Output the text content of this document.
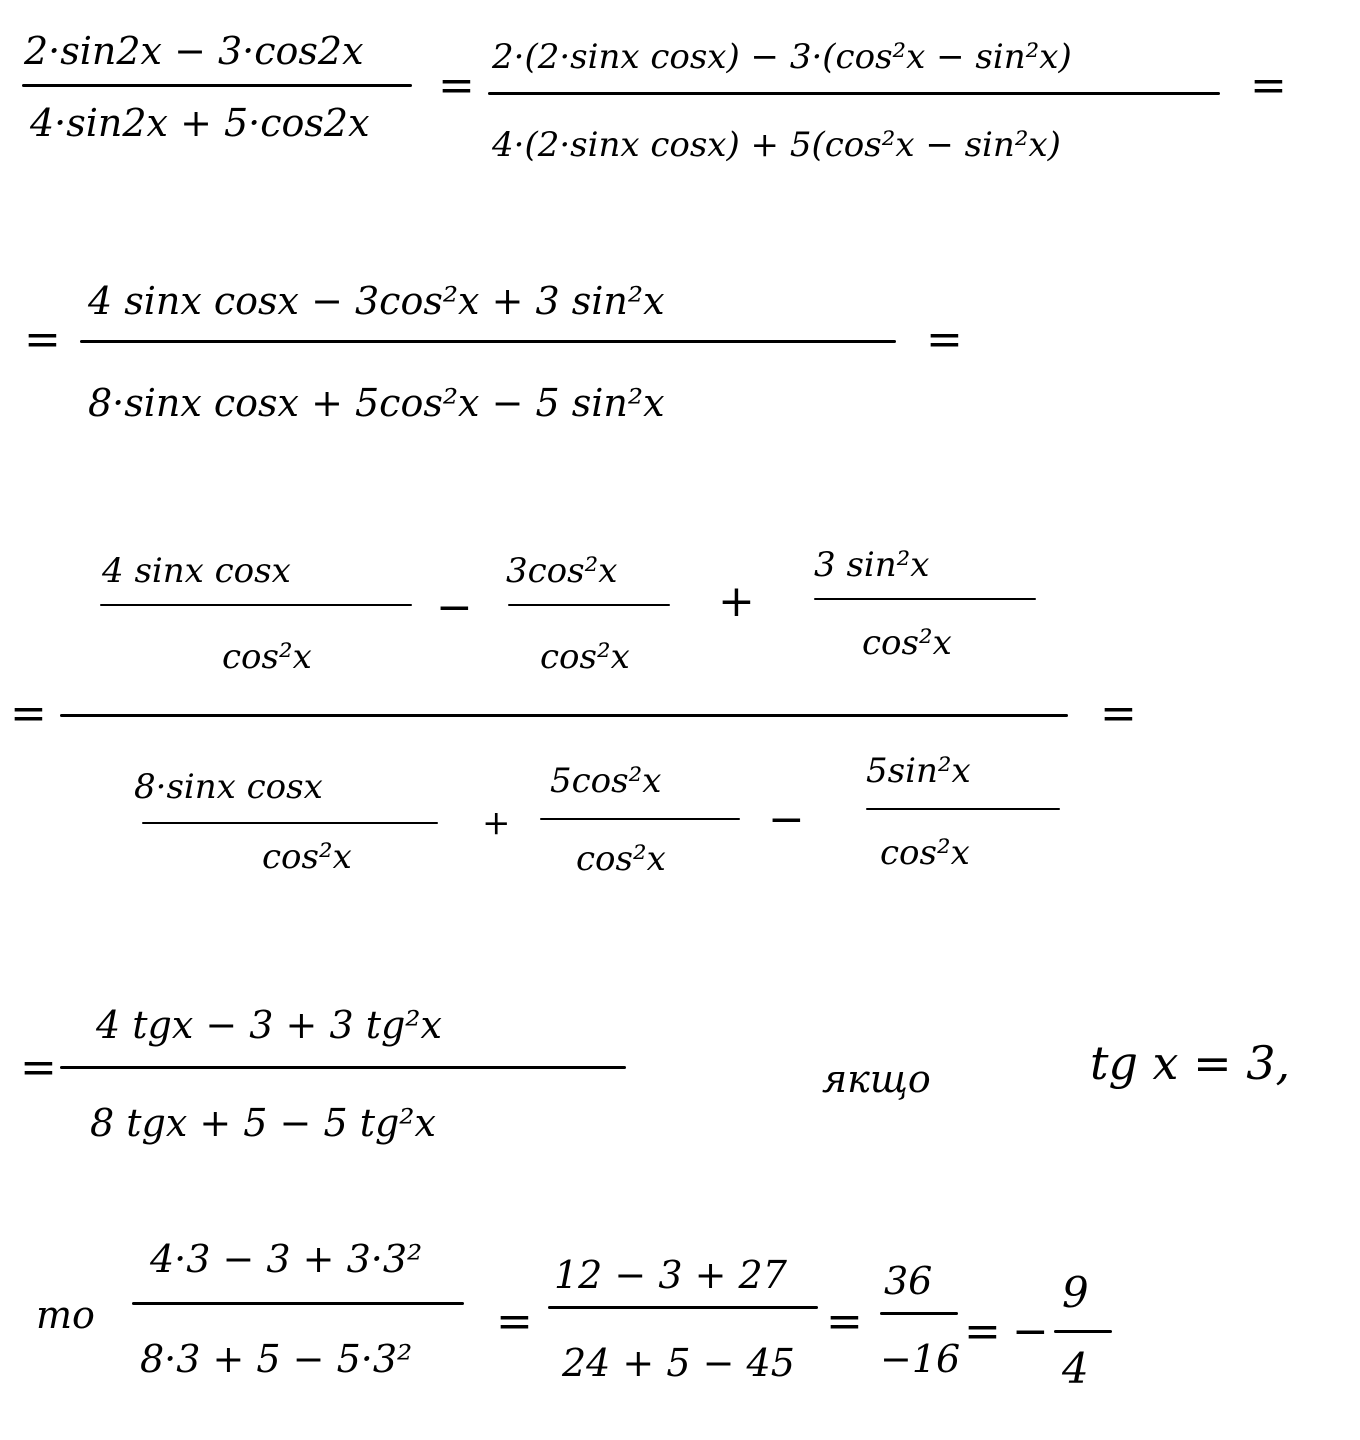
2·sin2x − 3·cos2x
4·sin2x + 5·cos2x
=
2·(2·sinx cosx) − 3·(cos²x − sin²x)
4·(2·sinx cosx) + 5(cos²x − sin²x)
=
=
4 sinx cosx − 3cos²x + 3 sin²x
8·sinx cosx + 5cos²x − 5 sin²x
=
=
4 sinx cosx
cos²x
−
3cos²x
cos²x
+
3 sin²x
cos²x
8·sinx cosx
cos²x
+
5cos²x
cos²x
−
5sin²x
cos²x
=
=
4 tgx − 3 + 3 tg²x
8 tgx + 5 − 5 tg²x
якщо	tg x = 3,
то
4·3 − 3 + 3·3²
8·3 + 5 − 5·3²
=
12 − 3 + 27
24 + 5 − 45
=
36
−16
= −
9
4
